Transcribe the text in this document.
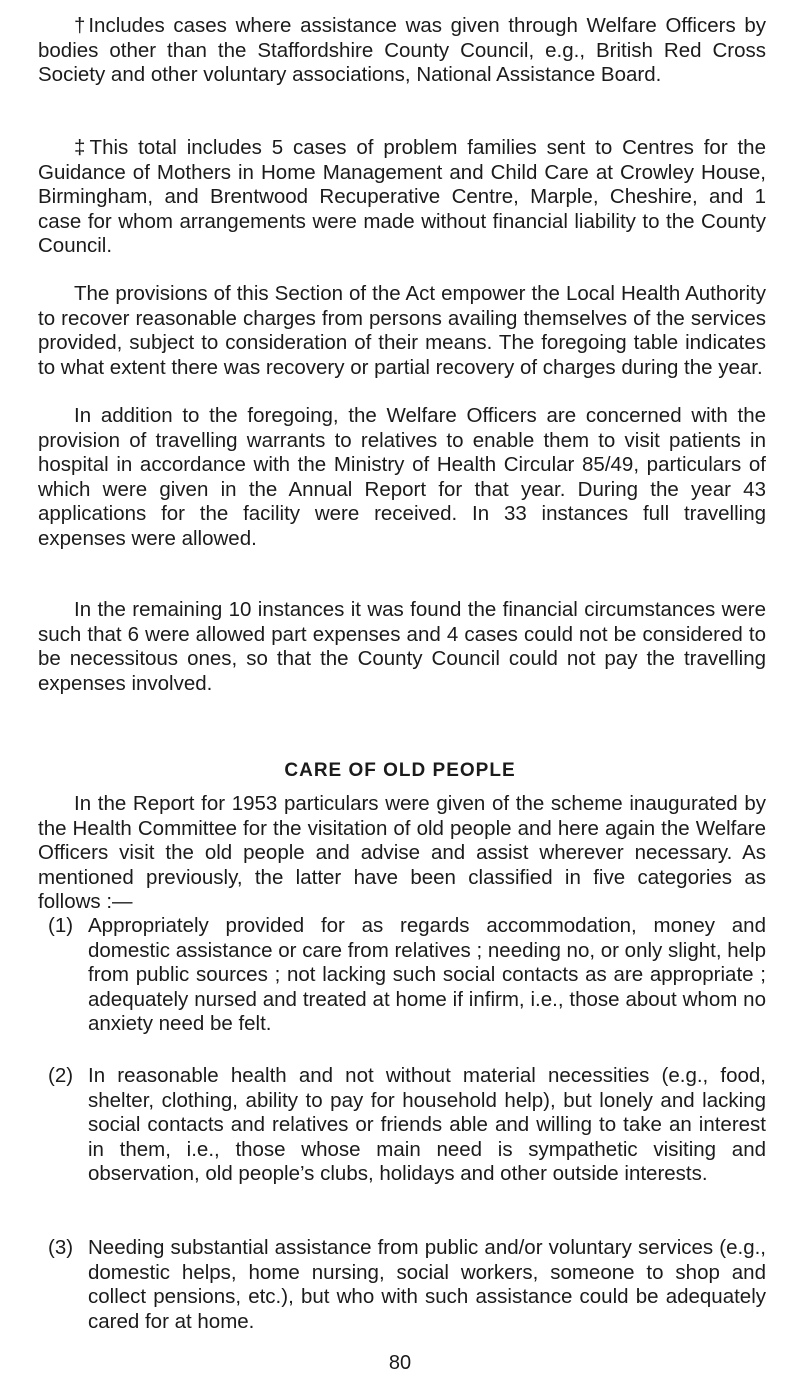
†Includes cases where assistance was given through Welfare Officers by bodies other than the Staffordshire County Council, e.g., British Red Cross Society and other voluntary associations, National Assistance Board.

‡This total includes 5 cases of problem families sent to Centres for the Guidance of Mothers in Home Management and Child Care at Crowley House, Birmingham, and Brentwood Recuperative Centre, Marple, Cheshire, and 1 case for whom arrangements were made without financial liability to the County Council.

The provisions of this Section of the Act empower the Local Health Authority to recover reasonable charges from persons availing themselves of the services provided, subject to consideration of their means. The foregoing table indicates to what extent there was recovery or partial recovery of charges during the year.

In addition to the foregoing, the Welfare Officers are concerned with the provision of travelling warrants to relatives to enable them to visit patients in hospital in accordance with the Ministry of Health Circular 85/49, particulars of which were given in the Annual Report for that year. During the year 43 applications for the facility were received. In 33 instances full travelling expenses were allowed.

In the remaining 10 instances it was found the financial circumstances were such that 6 were allowed part expenses and 4 cases could not be considered to be necessitous ones, so that the County Council could not pay the travelling expenses involved.

CARE OF OLD PEOPLE

In the Report for 1953 particulars were given of the scheme inaugurated by the Health Committee for the visitation of old people and here again the Welfare Officers visit the old people and advise and assist wherever necessary. As mentioned previously, the latter have been classified in five categories as follows :—

(1) Appropriately provided for as regards accommodation, money and domestic assistance or care from relatives ; needing no, or only slight, help from public sources ; not lacking such social contacts as are appropriate ; adequately nursed and treated at home if infirm, i.e., those about whom no anxiety need be felt.

(2) In reasonable health and not without material necessities (e.g., food, shelter, clothing, ability to pay for household help), but lonely and lacking social contacts and relatives or friends able and willing to take an interest in them, i.e., those whose main need is sympathetic visiting and observation, old people’s clubs, holidays and other outside interests.

(3) Needing substantial assistance from public and/or voluntary services (e.g., domestic helps, home nursing, social workers, someone to shop and collect pensions, etc.), but who with such assistance could be adequately cared for at home.

80
